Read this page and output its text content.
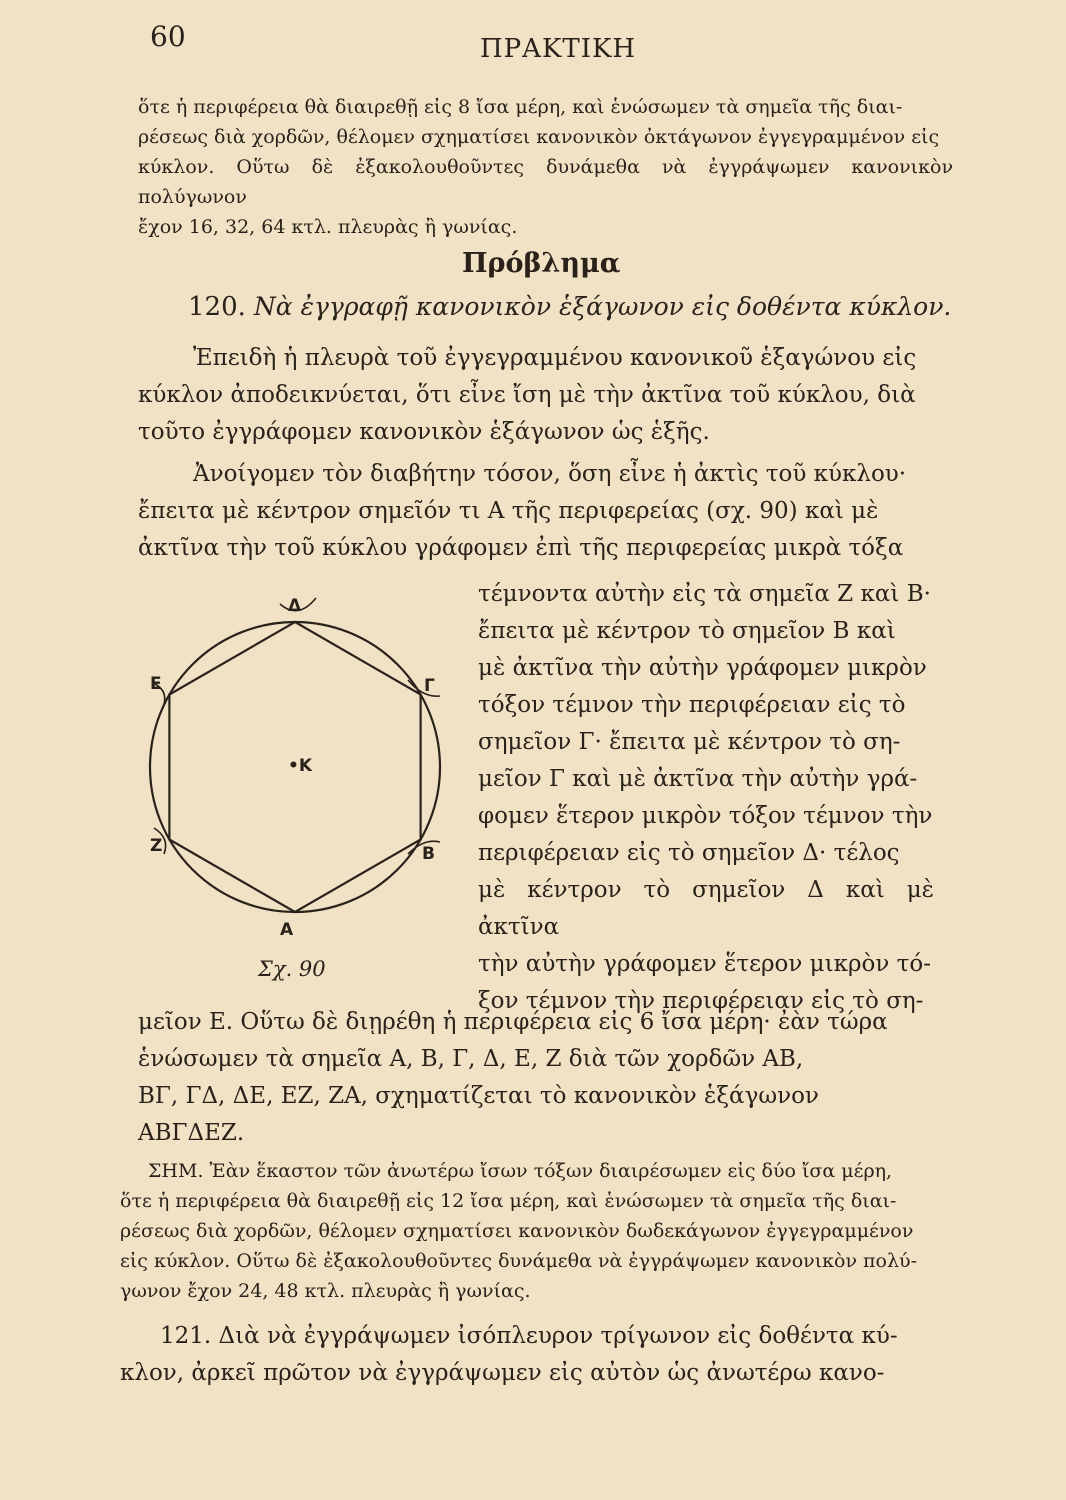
60	ΠΡΑΚΤΙΚΗ
ὅτε ἡ περιφέρεια θὰ διαιρεθῇ εἰς 8 ἴσα μέρη, καὶ ἑνώσωμεν τὰ σημεῖα τῆς διαι-
ρέσεως διὰ χορδῶν, θέλομεν σχηματίσει κανονικὸν ὀκτάγωνον ἐγγεγραμμένον εἰς
κύκλον. Οὕτω δὲ ἐξακολουθοῦντες δυνάμεθα νὰ ἐγγράψωμεν κανονικὸν πολύγωνον
ἔχον 16, 32, 64 κτλ. πλευρὰς ἢ γωνίας.
Πρόβλημα
120. Νὰ ἐγγραφῇ κανονικὸν ἑξάγωνον εἰς δοθέντα κύκλον.
Ἐπειδὴ ἡ πλευρὰ τοῦ ἐγγεγραμμένου κανονικοῦ ἑξαγώνου εἰς
κύκλον ἀποδεικνύεται, ὅτι εἶνε ἴση μὲ τὴν ἀκτῖνα τοῦ κύκλου, διὰ
τοῦτο ἐγγράφομεν κανονικὸν ἑξάγωνον ὡς ἑξῆς.
Ἀνοίγομεν τὸν διαβήτην τόσον, ὅση εἶνε ἡ ἀκτὶς τοῦ κύκλου·
ἔπειτα μὲ κέντρον σημεῖόν τι Α τῆς περιφερείας (σχ. 90) καὶ μὲ
ἀκτῖνα τὴν τοῦ κύκλου γράφομεν ἐπὶ τῆς περιφερείας μικρὰ τόξα
Δ
Ε	Γ
•Κ
Ζ	Β
Α
Σχ. 90
τέμνοντα αὐτὴν εἰς τὰ σημεῖα Ζ καὶ Β·
ἔπειτα μὲ κέντρον τὸ σημεῖον Β καὶ
μὲ ἀκτῖνα τὴν αὐτὴν γράφομεν μικρὸν
τόξον τέμνον τὴν περιφέρειαν εἰς τὸ
σημεῖον Γ· ἔπειτα μὲ κέντρον τὸ ση-
μεῖον Γ καὶ μὲ ἀκτῖνα τὴν αὐτὴν γρά-
φομεν ἕτερον μικρὸν τόξον τέμνον τὴν
περιφέρειαν εἰς τὸ σημεῖον Δ· τέλος
μὲ κέντρον τὸ σημεῖον Δ καὶ μὲ ἀκτῖνα
τὴν αὐτὴν γράφομεν ἕτερον μικρὸν τό-
ξον τέμνον τὴν περιφέρειαν εἰς τὸ ση-
μεῖον Ε. Οὕτω δὲ διῃρέθη ἡ περιφέρεια εἰς 6 ἴσα μέρη· ἐὰν τώρα
ἑνώσωμεν τὰ σημεῖα Α, Β, Γ, Δ, Ε, Ζ διὰ τῶν χορδῶν ΑΒ,
ΒΓ, ΓΔ, ΔΕ, ΕΖ, ΖΑ, σχηματίζεται τὸ κανονικὸν ἑξάγωνον
ΑΒΓΔΕΖ.
ΣΗΜ. Ἐὰν ἕκαστον τῶν ἀνωτέρω ἴσων τόξων διαιρέσωμεν εἰς δύο ἴσα μέρη,
ὅτε ἡ περιφέρεια θὰ διαιρεθῇ εἰς 12 ἴσα μέρη, καὶ ἑνώσωμεν τὰ σημεῖα τῆς διαι-
ρέσεως διὰ χορδῶν, θέλομεν σχηματίσει κανονικὸν δωδεκάγωνον ἐγγεγραμμένον
εἰς κύκλον. Οὕτω δὲ ἐξακολουθοῦντες δυνάμεθα νὰ ἐγγράψωμεν κανονικὸν πολύ-
γωνον ἔχον 24, 48 κτλ. πλευρὰς ἢ γωνίας.
121. Διὰ νὰ ἐγγράψωμεν ἰσόπλευρον τρίγωνον εἰς δοθέντα κύ-
κλον, ἀρκεῖ πρῶτον νὰ ἐγγράψωμεν εἰς αὐτὸν ὡς ἀνωτέρω κανο-
